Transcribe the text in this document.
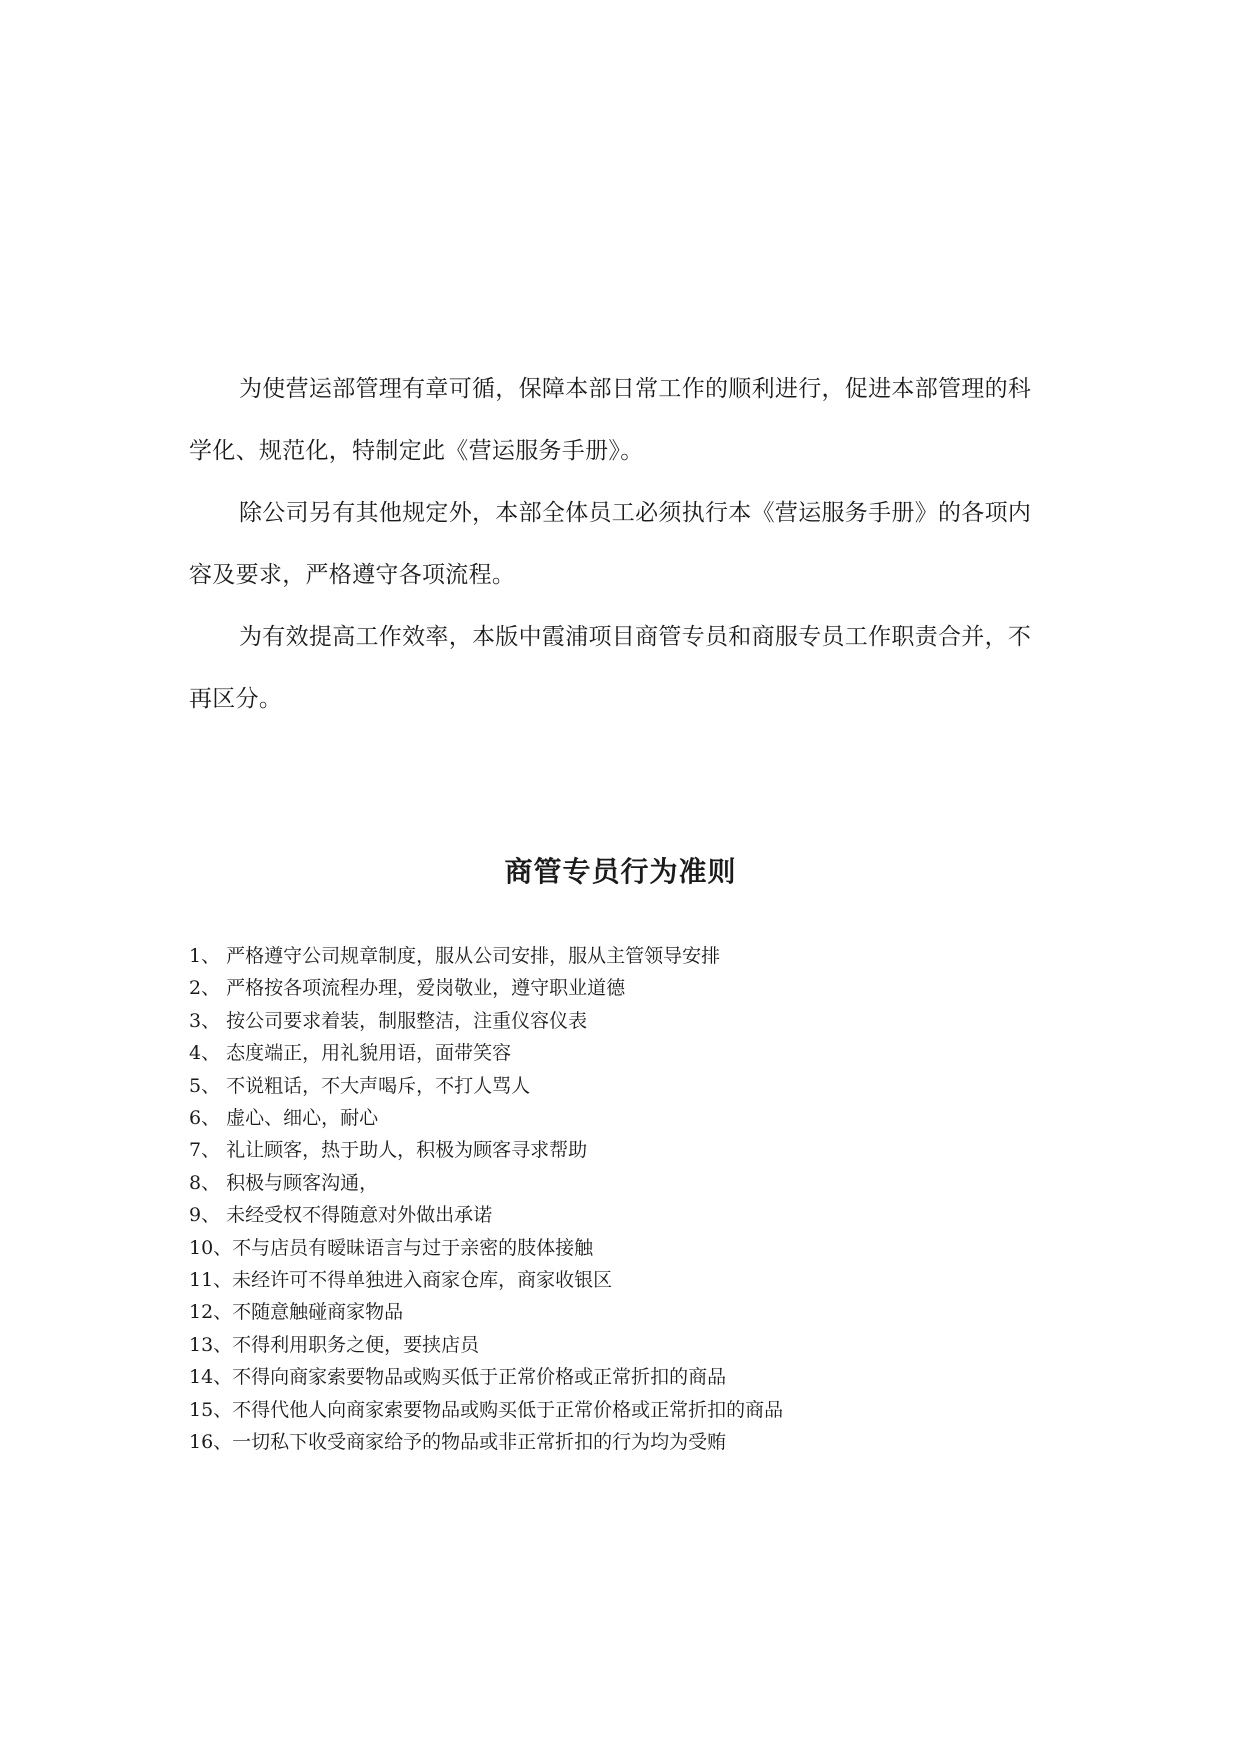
为使营运部管理有章可循，保障本部日常工作的顺利进行，促进本部管理的科学化、规范化，特制定此《营运服务手册》。

除公司另有其他规定外，本部全体员工必须执行本《营运服务手册》的各项内容及要求，严格遵守各项流程。

为有效提高工作效率，本版中霞浦项目商管专员和商服专员工作职责合并，不再区分。

商管专员行为准则
1、 严格遵守公司规章制度，服从公司安排，服从主管领导安排
2、 严格按各项流程办理，爱岗敬业，遵守职业道德
3、 按公司要求着装，制服整洁，注重仪容仪表
4、 态度端正，用礼貌用语，面带笑容
5、 不说粗话，不大声喝斥，不打人骂人
6、 虚心、细心，耐心
7、 礼让顾客，热于助人，积极为顾客寻求帮助
8、 积极与顾客沟通，
9、 未经受权不得随意对外做出承诺
10、不与店员有暧昧语言与过于亲密的肢体接触
11、未经许可不得单独进入商家仓库，商家收银区
12、不随意触碰商家物品
13、不得利用职务之便，要挟店员
14、不得向商家索要物品或购买低于正常价格或正常折扣的商品
15、不得代他人向商家索要物品或购买低于正常价格或正常折扣的商品
16、一切私下收受商家给予的物品或非正常折扣的行为均为受贿
